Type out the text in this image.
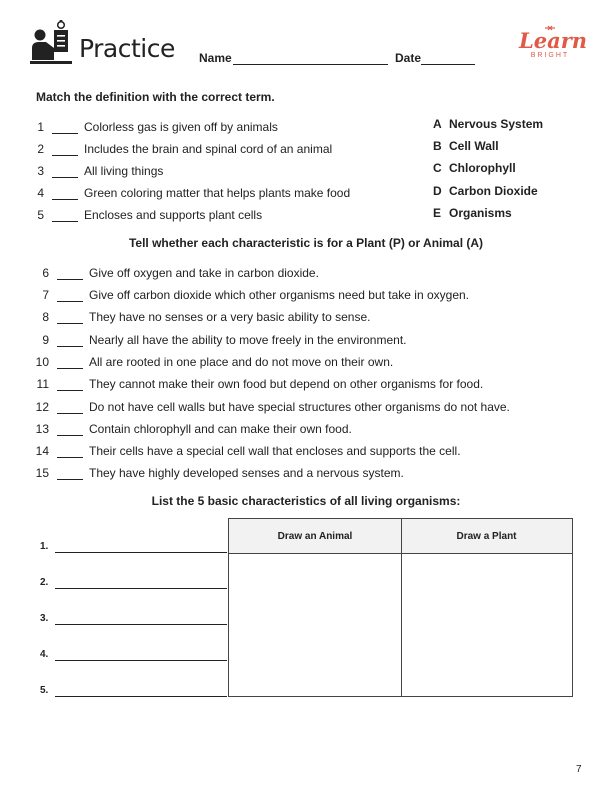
Practice Name	Date
Learn
BRIGHT
Match the definition with the correct term.
1	Colorless gas is given off by animals
2	Includes the brain and spinal cord of an animal
3	All living things
4	Green coloring matter that helps plants make food
5	Encloses and supports plant cells
A Nervous System
B Cell Wall
C Chlorophyll
D Carbon Dioxide
E Organisms
Tell whether each characteristic is for a Plant (P) or Animal (A)
6	Give off oxygen and take in carbon dioxide.
7	Give off carbon dioxide which other organisms need but take in oxygen.
8	They have no senses or a very basic ability to sense.
9	Nearly all have the ability to move freely in the environment.
10	All are rooted in one place and do not move on their own.
11	They cannot make their own food but depend on other organisms for food.
12	Do not have cell walls but have special structures other organisms do not have.
13	Contain chlorophyll and can make their own food.
14	Their cells have a special cell wall that encloses and supports the cell.
15	They have highly developed senses and a nervous system.
List the 5 basic characteristics of all living organisms:
1.
2.
3.
4.
5.
Draw an Animal	Draw a Plant
7
